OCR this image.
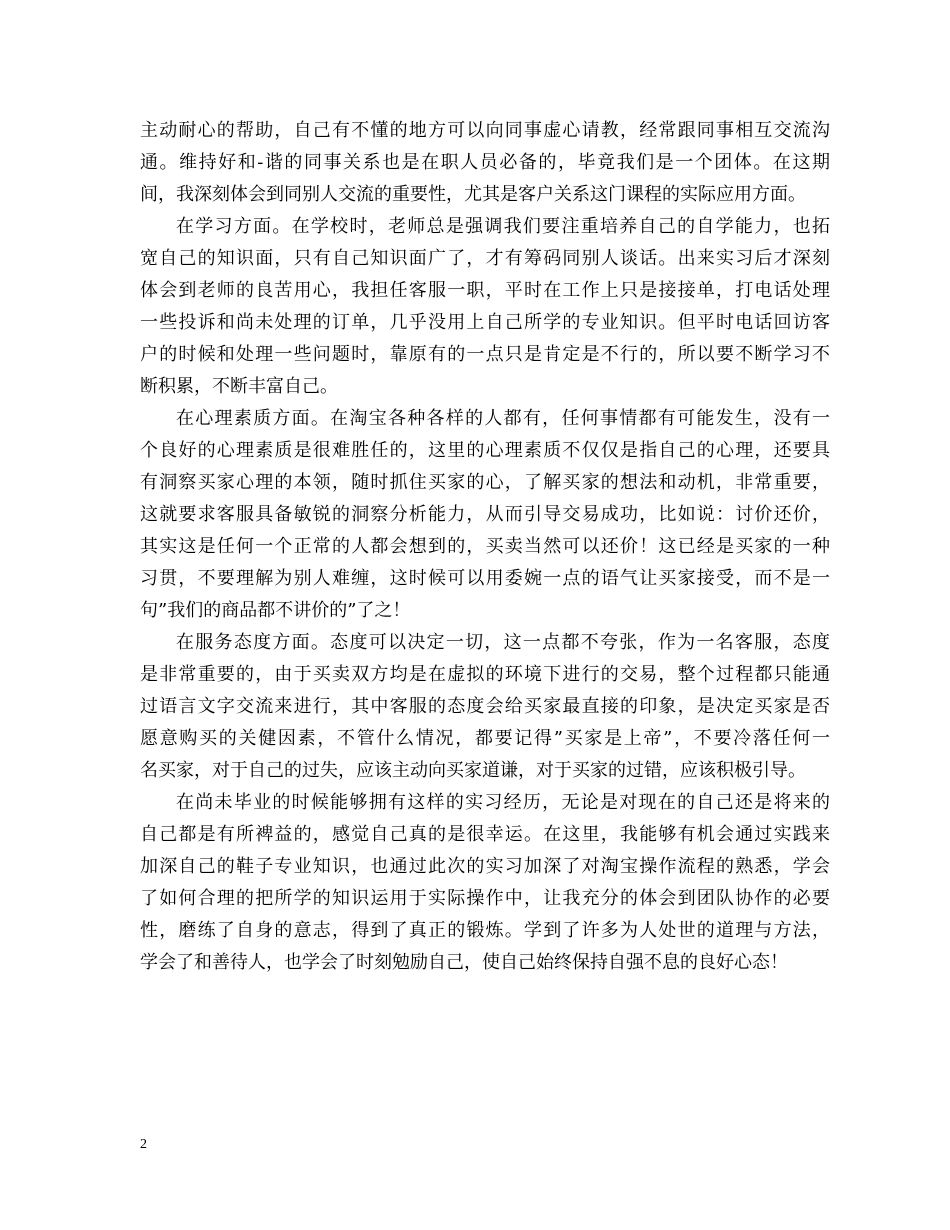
主动耐心的帮助，自己有不懂的地方可以向同事虚心请教，经常跟同事相互交流沟
通。维持好和-谐的同事关系也是在职人员必备的，毕竟我们是一个团体。在这期
间，我深刻体会到同别人交流的重要性，尤其是客户关系这门课程的实际应用方面。
在学习方面。在学校时，老师总是强调我们要注重培养自己的自学能力，也拓
宽自己的知识面，只有自己知识面广了，才有筹码同别人谈话。出来实习后才深刻
体会到老师的良苦用心，我担任客服一职，平时在工作上只是接接单，打电话处理
一些投诉和尚未处理的订单，几乎没用上自己所学的专业知识。但平时电话回访客
户的时候和处理一些问题时，靠原有的一点只是肯定是不行的，所以要不断学习不
断积累，不断丰富自己。
在心理素质方面。在淘宝各种各样的人都有，任何事情都有可能发生，没有一
个良好的心理素质是很难胜任的，这里的心理素质不仅仅是指自己的心理，还要具
有洞察买家心理的本领，随时抓住买家的心，了解买家的想法和动机，非常重要，
这就要求客服具备敏锐的洞察分析能力，从而引导交易成功，比如说：讨价还价，
其实这是任何一个正常的人都会想到的，买卖当然可以还价！这已经是买家的一种
习贯，不要理解为别人难缠，这时候可以用委婉一点的语气让买家接受，而不是一
句”我们的商品都不讲价的”了之！
在服务态度方面。态度可以决定一切，这一点都不夸张，作为一名客服，态度
是非常重要的，由于买卖双方均是在虚拟的环境下进行的交易，整个过程都只能通
过语言文字交流来进行，其中客服的态度会给买家最直接的印象，是决定买家是否
愿意购买的关健因素，不管什么情况，都要记得”买家是上帝”，不要冷落任何一
名买家，对于自己的过失，应该主动向买家道谦，对于买家的过错，应该积极引导。
在尚未毕业的时候能够拥有这样的实习经历，无论是对现在的自己还是将来的
自己都是有所裨益的，感觉自己真的是很幸运。在这里，我能够有机会通过实践来
加深自己的鞋子专业知识，也通过此次的实习加深了对淘宝操作流程的熟悉，学会
了如何合理的把所学的知识运用于实际操作中，让我充分的体会到团队协作的必要
性，磨练了自身的意志，得到了真正的锻炼。学到了许多为人处世的道理与方法，
学会了和善待人，也学会了时刻勉励自己，使自己始终保持自强不息的良好心态！
2
